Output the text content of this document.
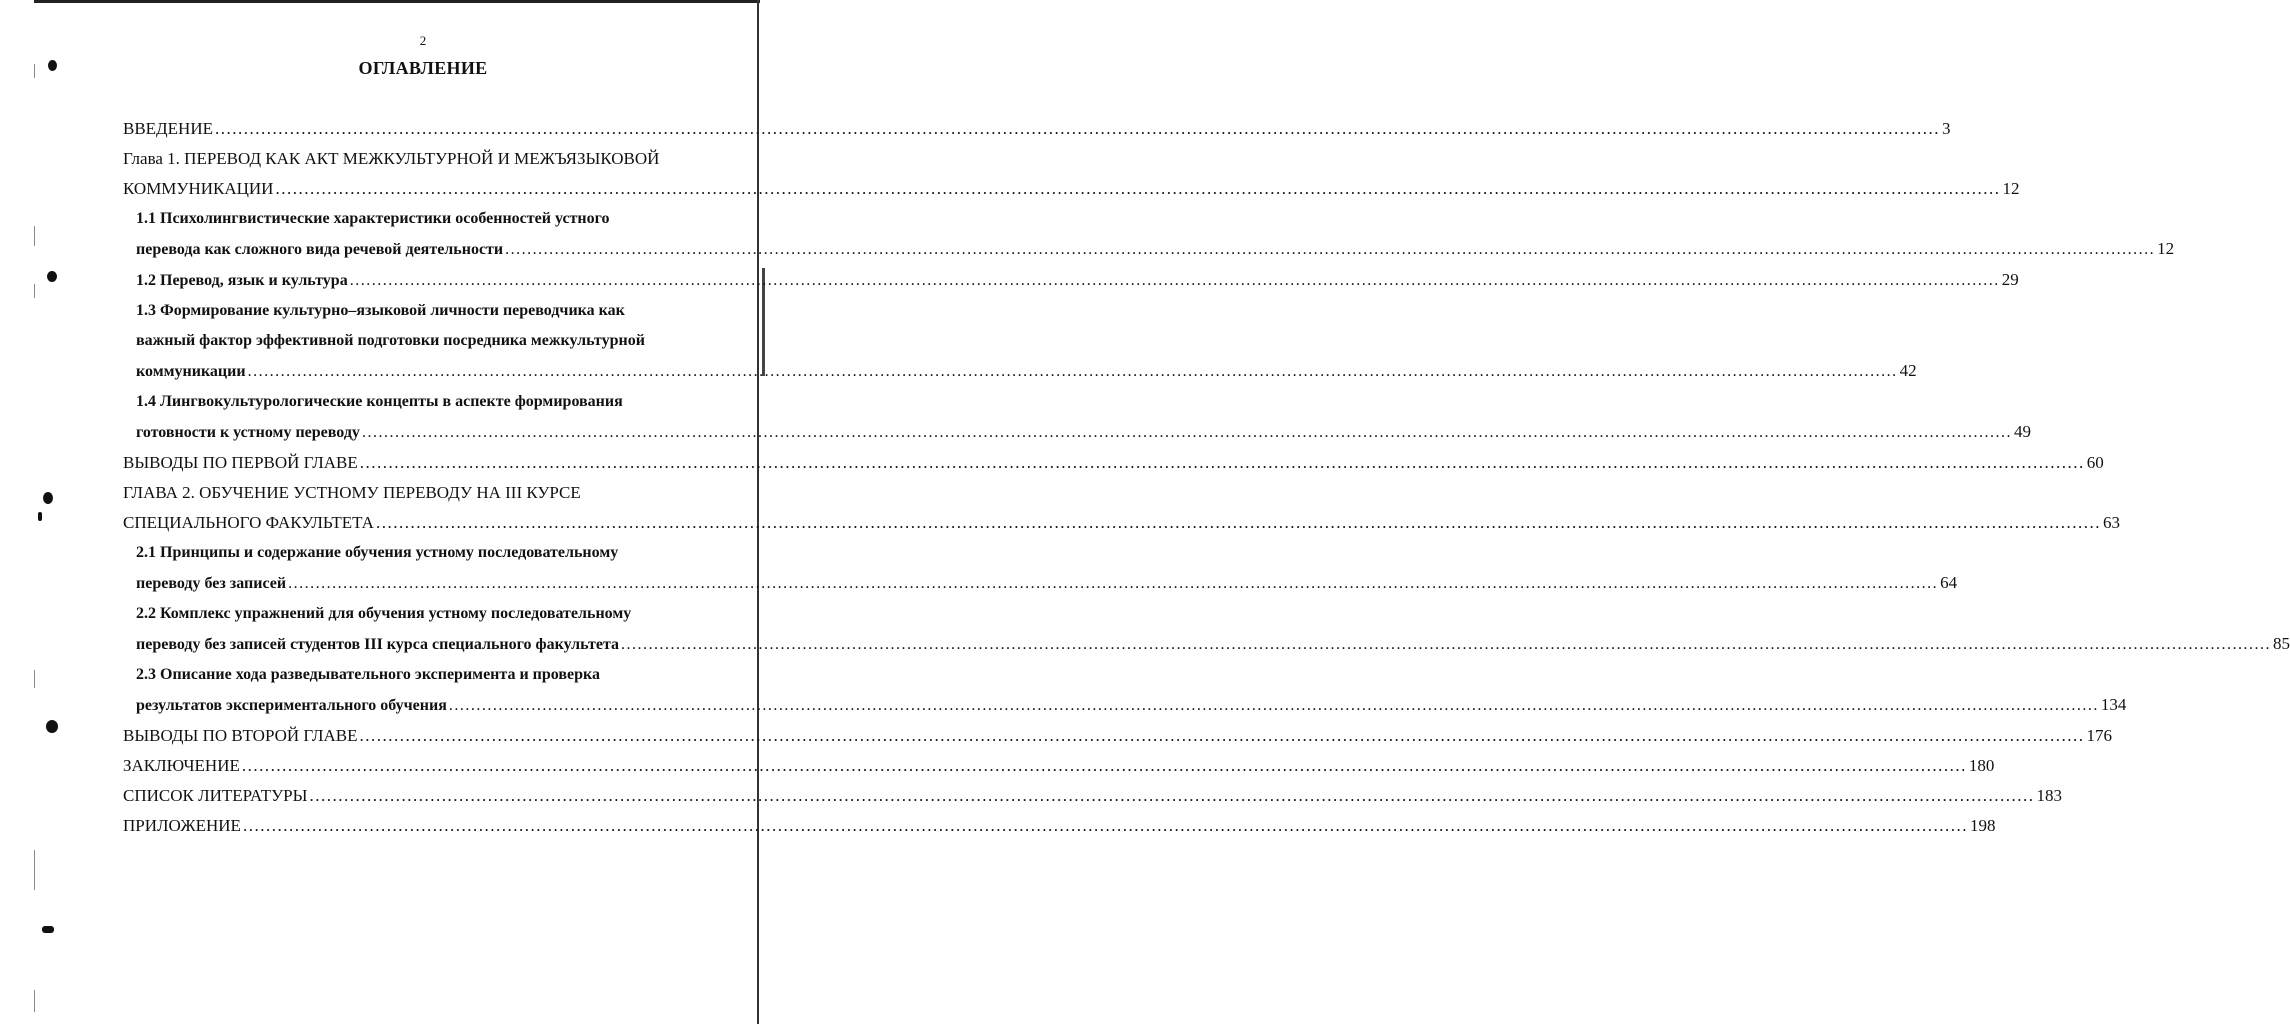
2
ОГЛАВЛЕНИЕ
ВВЕДЕНИЕ ............................................................................................................................................................................................................................................................................................................ 3
Глава 1. ПЕРЕВОД КАК АКТ МЕЖКУЛЬТУРНОЙ И МЕЖЪЯЗЫКОВОЙ
КОММУНИКАЦИИ ............................................................................................................................................................................................................................................................................................................ 12
1.1 Психолингвистические характеристики особенностей устного
перевода как сложного вида речевой деятельности ............................................................................................................................................................................................................................................................................................................ 12
1.2 Перевод, язык и культура ............................................................................................................................................................................................................................................................................................................ 29
1.3 Формирование культурно–языковой личности переводчика как
важный фактор эффективной подготовки посредника межкультурной
коммуникации ............................................................................................................................................................................................................................................................................................................ 42
1.4 Лингвокультурологические концепты в аспекте формирования
готовности к устному переводу ............................................................................................................................................................................................................................................................................................................ 49
ВЫВОДЫ ПО ПЕРВОЙ ГЛАВЕ ............................................................................................................................................................................................................................................................................................................ 60
ГЛАВА 2. ОБУЧЕНИЕ УСТНОМУ ПЕРЕВОДУ НА III КУРСЕ
СПЕЦИАЛЬНОГО ФАКУЛЬТЕТА ............................................................................................................................................................................................................................................................................................................ 63
2.1 Принципы и содержание обучения устному последовательному
переводу без записей ............................................................................................................................................................................................................................................................................................................ 64
2.2 Комплекс упражнений для обучения устному последовательному
переводу без записей студентов III курса специального факультета ............................................................................................................................................................................................................................................................................................................ 85
2.3 Описание хода разведывательного эксперимента и проверка
результатов экспериментального обучения ............................................................................................................................................................................................................................................................................................................ 134
ВЫВОДЫ ПО ВТОРОЙ ГЛАВЕ ............................................................................................................................................................................................................................................................................................................ 176
ЗАКЛЮЧЕНИЕ ............................................................................................................................................................................................................................................................................................................ 180
СПИСОК ЛИТЕРАТУРЫ ............................................................................................................................................................................................................................................................................................................ 183
ПРИЛОЖЕНИЕ ............................................................................................................................................................................................................................................................................................................ 198
